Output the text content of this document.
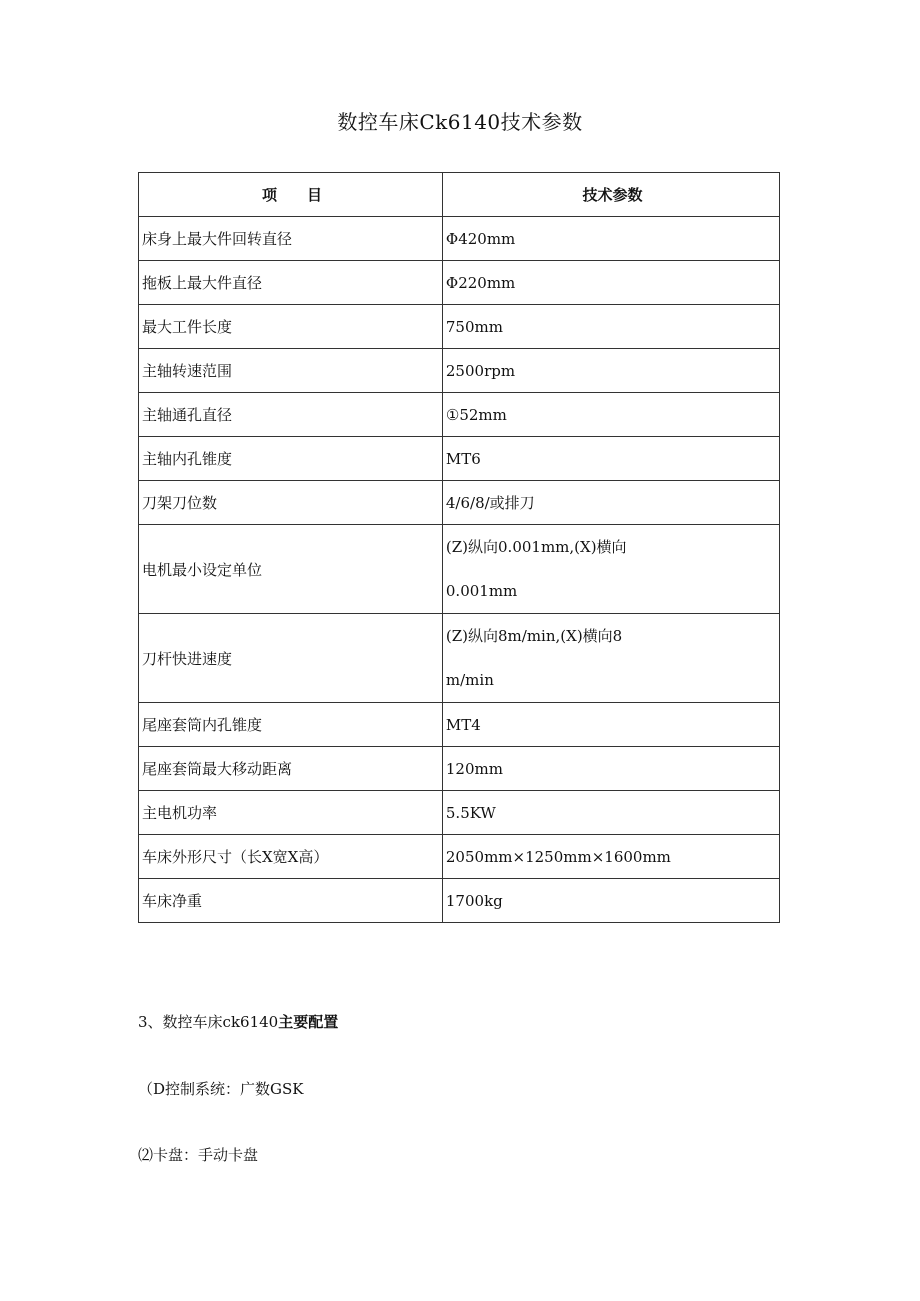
数控车床Ck6140技术参数
项　　目	技术参数
床身上最大件回转直径	Φ420mm
拖板上最大件直径	Φ220mm
最大工件长度	750mm
主轴转速范围	2500rpm
主轴通孔直径	①52mm
主轴内孔锥度	MT6
刀架刀位数	4/6/8/或排刀
电机最小设定单位	(Z)纵向0.001mm,(X)横向
0.001mm

刀杆快进速度	(Z)纵向8m/min,(X)横向8
m/min

尾座套筒内孔锥度	MT4
尾座套筒最大移动距离	120mm
主电机功率	5.5KW
车床外形尺寸（长X宽X高）	2050mm×1250mm×1600mm
车床净重	1700kg
3、数控车床ck6140主要配置
（D控制系统：广数GSK
⑵卡盘：手动卡盘
